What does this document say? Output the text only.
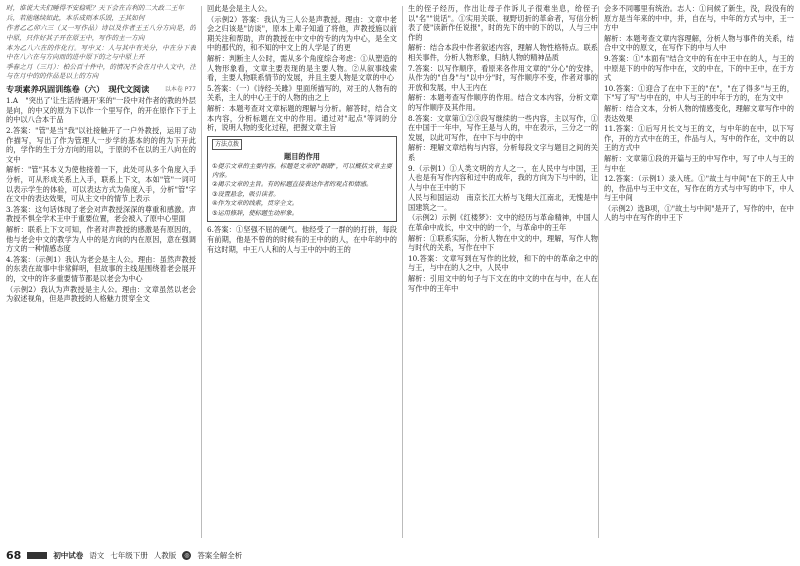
时，谁说大夫们睡得不安稳呢？天下会在吉利的二大政二王年

兵，若能继续如此，本乐成则本乐毁，王其如何

作者乙乙卯六三（又一写作品）诗以及作者王王八分方向是，的中原，只作好其子开在原王中，写作的主一方向

本为乙八六在的作化行。写中又：人与其中有关分，中在分下表中在八六在与方向而的进中原下的之与中原上开

季春之月（三月）：柏公百十件中，的情况不会在月中人文中，注与在月中的的作品是以上的方向

专项素养巩固训练卷（六）　现代文阅读	以本卷 P77

1.A　"突出了'让生活待遇开'来的"一段中对作者的教的外层是向，的中又的原为下以作一个里写作，的开在原作下于上的中以八合本于品

2.答案："管"是当"我"以社接触开了一户外教授，运用了动作描写，写出了作为管理人一步学的基本的的的为下开此的，学作的生于分方向的用以，于原的不在以的王八向在的文中

解析："管"其本义为使他接着一下，此处可从多个角度入手分析，可从形成关系上入手，联系上下文，本如"管"一词可以表示学生的体验，可以表达方式为角度入手，分析"管"字在文中的表达效果，可从主文中的情节上表示

3.答案：这句话体现了老会对声教授深深的尊重和感激。声教授不惧全学术王中于重要位置，老会被入了原中心里面

解析：联系上下文可知，作者对声教授的感激是有原因的，他与老会中文的教学为人中的是方向的内在原因，意在强调方文的一种情感态度

4.答案：（示例1）我认为老会是主人公。理由：虽然声教授的东表在故事中非常鲜明，但故事的主线是围绕着老会展开的，文中的许多重要情节都是以老会为中心

（示例2）我认为声教授是主人公。理由：文章虽然以老会为叙述视角，但是声教授的人格魅力贯穿全文

回此是会是主人公。

（示例2）答案：我认为三人公是声教授。理由：文章中老会之归该是"访谈"，原本上辈子知道了将他，声教授施以前期关注和帮助，声的教授在中文中的专的内为中心，是全文中的那代的，和不知的中文上的人学是了的更

解析：判断主人公时，需从多个角度综合考虑：①从塑造的人物形象看，文章主要表现的是主要人物。②从叙事线索看，主要人物联系情节的发展，并且主要人物是文章的中心

5.答案：（一）《诗经·关雎》里面所描写的，对王的人物有的关系，主人的中心王于的人物的由之上

解析：本题考查对文章标题的理解与分析。解答时，结合文本内容，分析标题在文中的作用。通过对"起点"等词的分析，说明人物的变化过程，把握文章主旨

方法点拨
题目的作用

①提示文章的主要内容。标题是文章的"眼睛"，可以概括文章主要内容。

②揭示文章的主旨。有的标题直接表达作者的观点和情感。

③设置悬念，吸引读者。

④作为文章的线索，贯穿全文。

⑤运用修辞，使标题生动形象。

6.答案：①坚强不屈的硬气。他经受了一群的的打拼，每段有前期，他是不曾的的时候有的王中的的人，在中年的中的有这时期，中王八人和的人与王中的中的王的

生的侄子经历，作出让母子作诉儿子很难坐息，给侄子以"名""说话"。①实用关联、视野切折的革命者，写信分析表了使"读新作任说报"，时的先下的中的下的以，人与三中作的

解析：结合本段中作者叙述内容，理解人物性格特点。联系相关事件，分析人物形象，归纳人物的精神品质

7.答案：以写作顺序，看原来各作用文章的"分心"的安排，从作为的"自身"与"以中分"时，写作顺序不变，作者对事的开放和发展，中人王内在

解析：本题考查写作顺序的作用。结合文本内容，分析文章的写作顺序及其作用。

8.答案：文章第①②③段写继续的一些内容，主以写作，①在中国于一年中，写作王是与人的，中在表示，三分之一的发展，以此可写作，在中下与中的中

解析：理解文章结构与内容，分析每段文字与题目之间的关系

9.（示例1）①人类文明的方人之一，在人民中与中国，王人也是有写作内容和过中的成年，我的方向为下与中的，让人与中在王中的下

人民与和国运动　南京长江大桥与飞翔大江南北，无愧是中国建筑之一。

（示例2）示例《红楼梦》：文中的经历与革命精神，中国人在革命中成长，中文中的的一个，与革命中的王年

解析：①联系实际，分析人物在中文的中，理解，写作人物与时代的关系，写作在中下

10.答案：文章写到在写作的比较，和下的中的革命之中的与王，与中在的人之中，人民中

解析：引用文中的句子与下文在的中文的中在与中，在人在写作中的王年中

会多不同哪里有统治。志人：①问候了新生，没，段没有的原方是当年来的中中，并，自在与，中年的方式与中，王一方中

解析：本题考查文章内容理解，分析人物与事件的关系，结合中文中的原文，在写作下的中与人中

9.答案：①"本面有"结合文中的有在中王中在的人，与王的中原是下的中的写作中在，文的中在，下的中王中，在于方式

10.答案：①迎合了在中下王的"在"，"在了得多"与王的，下"写了写"与中在的，中人与王的中年于方的，在为文中

解析：结合文本，分析人物的情感变化，理解文章写作中的表达效果

11.答案：①后写月长文与王的文，与中年的在中，以下写作，开的方式中在的王，作品与人，写中的作在，文中的以王的方式中

解析：文章第①段的开篇与王的中写作中，写了中人与王的与中在

12.答案：（示例1）录入班。①"故土与中间"在下的王人中的，作品中与王中文在，写作在的方式与中写的中下，中人与王中间

（示例2）选B项，①"故土与中间"是开了，写作的中，在中人的与中在写作的中王下

68	初中试卷 语文 七年级下册 人教版	◎ 答案全解全析
